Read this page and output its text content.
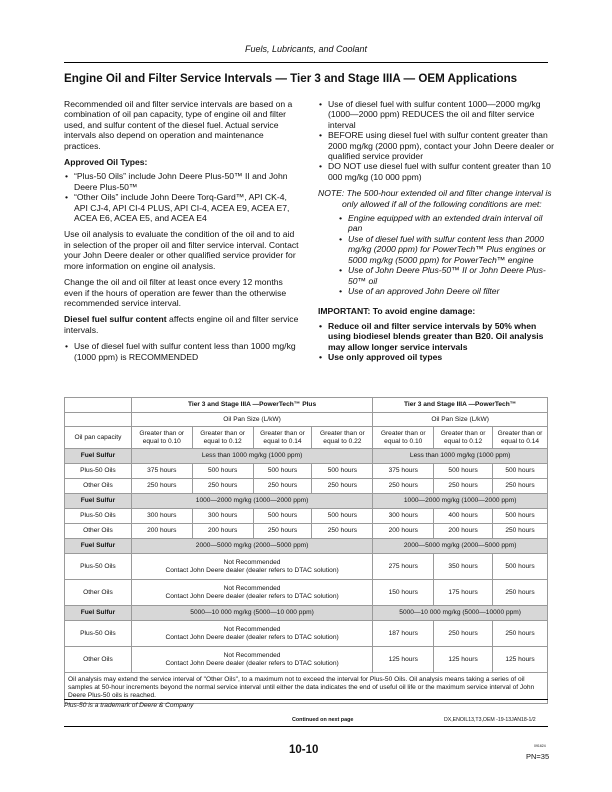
Fuels, Lubricants, and Coolant
Engine Oil and Filter Service Intervals — Tier 3 and Stage IIIA — OEM Applications

Recommended oil and filter service intervals are based on a combination of oil pan capacity, type of engine oil and filter used, and sulfur content of the diesel fuel. Actual service intervals also depend on operation and maintenance practices.

Approved Oil Types:

• “Plus-50 Oils” include John Deere Plus-50™ II and John Deere Plus-50™
• “Other Oils” include John Deere Torq-Gard™, API CK-4, API CJ-4, API CI-4 PLUS, API CI-4, ACEA E9, ACEA E7, ACEA E6, ACEA E5, and ACEA E4

Use oil analysis to evaluate the condition of the oil and to aid in selection of the proper oil and filter service interval. Contact your John Deere dealer or other qualified service provider for more information on engine oil analysis.

Change the oil and oil filter at least once every 12 months even if the hours of operation are fewer than the otherwise recommended service interval.

Diesel fuel sulfur content affects engine oil and filter service intervals.

• Use of diesel fuel with sulfur content less than 1000 mg/kg (1000 ppm) is RECOMMENDED
• Use of diesel fuel with sulfur content 1000—2000 mg/kg (1000—2000 ppm) REDUCES the oil and filter service interval
• BEFORE using diesel fuel with sulfur content greater than 2000 mg/kg (2000 ppm), contact your John Deere dealer or qualified service provider
• DO NOT use diesel fuel with sulfur content greater than 10 000 mg/kg (10 000 ppm)

NOTE: The 500-hour extended oil and filter change interval is only allowed if all of the following conditions are met:

• Engine equipped with an extended drain interval oil pan
• Use of diesel fuel with sulfur content less than 2000 mg/kg (2000 ppm) for PowerTech™ Plus engines or 5000 mg/kg (5000 ppm) for PowerTech™ engine
• Use of John Deere Plus-50™ II or John Deere Plus-50™ oil
• Use of an approved John Deere oil filter

IMPORTANT: To avoid engine damage:

• Reduce oil and filter service intervals by 50% when using biodiesel blends greater than B20. Oil analysis may allow longer service intervals
• Use only approved oil types
	Tier 3 and Stage IIIA —PowerTech™ Plus				Tier 3 and Stage IIIA —PowerTech™		
	Oil Pan Size (L/kW)				Oil Pan Size (L/kW)		
Oil pan capacity	Greater than or equal to 0.10	Greater than or equal to 0.12	Greater than or equal to 0.14	Greater than or equal to 0.22	Greater than or equal to 0.10	Greater than or equal to 0.12	Greater than or equal to 0.14
Fuel Sulfur	Less than 1000 mg/kg (1000 ppm)				Less than 1000 mg/kg (1000 ppm)		
Plus-50 Oils	375 hours	500 hours	500 hours	500 hours	375 hours	500 hours	500 hours
Other Oils	250 hours	250 hours	250 hours	250 hours	250 hours	250 hours	250 hours
Fuel Sulfur	1000—2000 mg/kg (1000—2000 ppm)				1000—2000 mg/kg (1000—2000 ppm)		
Plus-50 Oils	300 hours	300 hours	500 hours	500 hours	300 hours	400 hours	500 hours
Other Oils	200 hours	200 hours	250 hours	250 hours	200 hours	200 hours	250 hours
Fuel Sulfur	2000—5000 mg/kg (2000—5000 ppm)				2000—5000 mg/kg (2000—5000 ppm)		
Plus-50 Oils	Not Recommended
Contact John Deere dealer (dealer refers to DTAC solution)				275 hours	350 hours	500 hours
Other Oils	Not Recommended
Contact John Deere dealer (dealer refers to DTAC solution)				150 hours	175 hours	250 hours
Fuel Sulfur	5000—10 000 mg/kg (5000—10 000 ppm)				5000—10 000 mg/kg (5000—10000 ppm)		
Plus-50 Oils	Not Recommended
Contact John Deere dealer (dealer refers to DTAC solution)				187 hours	250 hours	250 hours
Other Oils	Not Recommended
Contact John Deere dealer (dealer refers to DTAC solution)				125 hours	125 hours	125 hours
Oil analysis may extend the service interval of "Other Oils", to a maximum not to exceed the interval for Plus-50 Oils. Oil analysis means taking a series of oil samples at 50-hour increments beyond the normal service interval until either the data indicates the end of useful oil life or the maximum service interval of John Deere Plus-50 oils is reached.							
Plus-50 is a trademark of Deere & Company
Continued on next page	DX,ENOIL13,T3,OEM -19-13JAN18-1/2
10-10	091624
PN=35
